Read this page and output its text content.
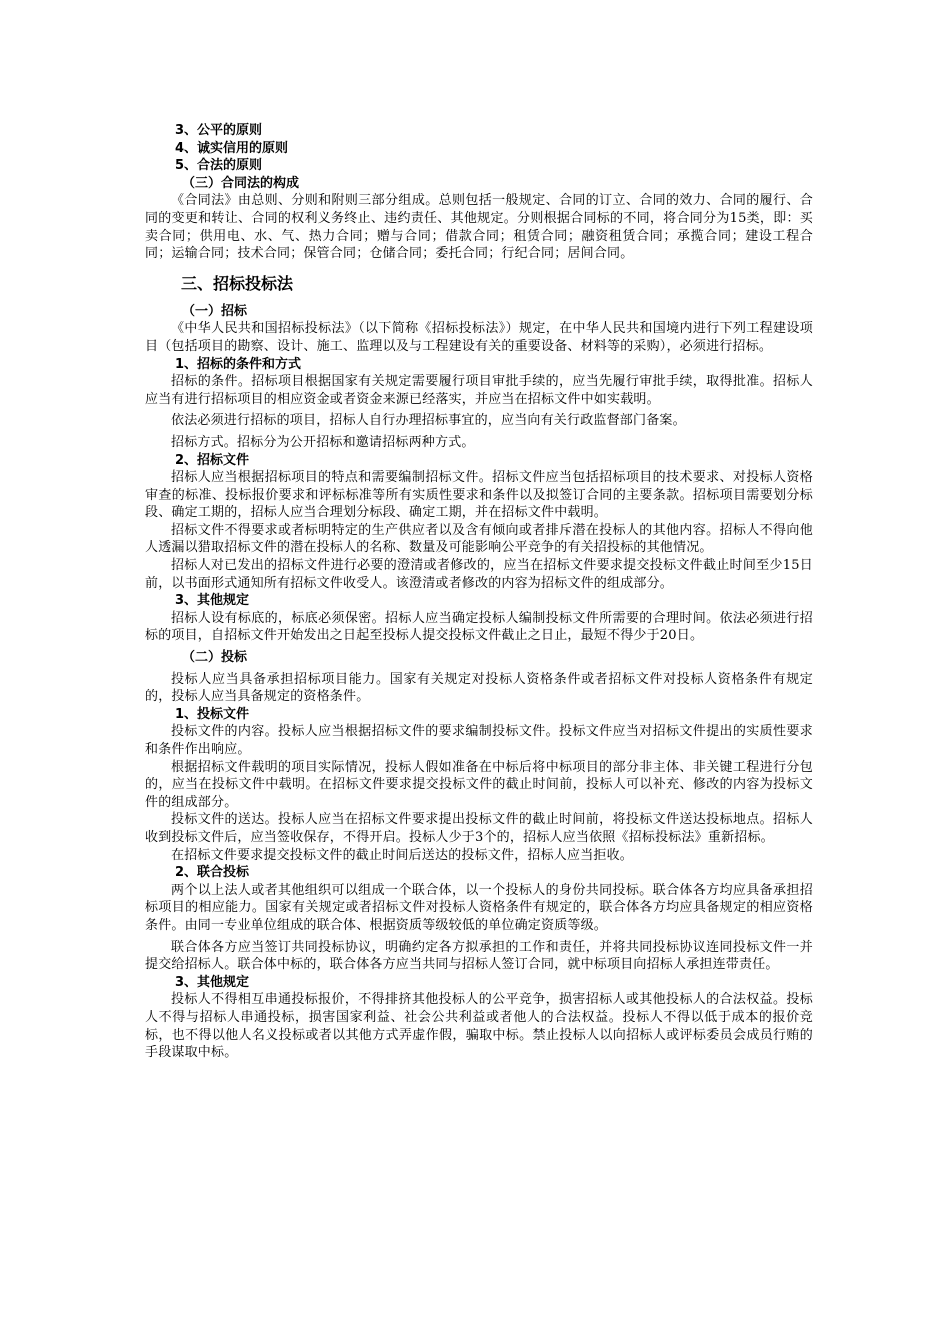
3、公平的原则

4、诚实信用的原则

5、合法的原则

（三）合同法的构成

《合同法》由总则、分则和附则三部分组成。总则包括一般规定、合同的订立、合同的效力、合同的履行、合同的变更和转让、合同的权利义务终止、违约责任、其他规定。分则根据合同标的不同，将合同分为15类，即：买卖合同；供用电、水、气、热力合同；赠与合同；借款合同；租赁合同；融资租赁合同；承揽合同；建设工程合同；运输合同；技术合同；保管合同；仓储合同；委托合同；行纪合同；居间合同。

三、招标投标法

（一）招标

《中华人民共和国招标投标法》（以下简称《招标投标法》）规定，在中华人民共和国境内进行下列工程建设项目（包括项目的勘察、设计、施工、监理以及与工程建设有关的重要设备、材料等的采购），必须进行招标。

1、招标的条件和方式

招标的条件。招标项目根据国家有关规定需要履行项目审批手续的，应当先履行审批手续，取得批准。招标人应当有进行招标项目的相应资金或者资金来源已经落实，并应当在招标文件中如实载明。

依法必须进行招标的项目，招标人自行办理招标事宜的，应当向有关行政监督部门备案。

招标方式。招标分为公开招标和邀请招标两种方式。

2、招标文件

招标人应当根据招标项目的特点和需要编制招标文件。招标文件应当包括招标项目的技术要求、对投标人资格审查的标准、投标报价要求和评标标准等所有实质性要求和条件以及拟签订合同的主要条款。招标项目需要划分标段、确定工期的，招标人应当合理划分标段、确定工期，并在招标文件中载明。

招标文件不得要求或者标明特定的生产供应者以及含有倾向或者排斥潜在投标人的其他内容。招标人不得向他人透漏以猎取招标文件的潜在投标人的名称、数量及可能影响公平竞争的有关招投标的其他情况。

招标人对已发出的招标文件进行必要的澄清或者修改的，应当在招标文件要求提交投标文件截止时间至少15日前，以书面形式通知所有招标文件收受人。该澄清或者修改的内容为招标文件的组成部分。

3、其他规定

招标人设有标底的，标底必须保密。招标人应当确定投标人编制投标文件所需要的合理时间。依法必须进行招标的项目，自招标文件开始发出之日起至投标人提交投标文件截止之日止，最短不得少于20日。

（二）投标

投标人应当具备承担招标项目能力。国家有关规定对投标人资格条件或者招标文件对投标人资格条件有规定的，投标人应当具备规定的资格条件。

1、投标文件

投标文件的内容。投标人应当根据招标文件的要求编制投标文件。投标文件应当对招标文件提出的实质性要求和条件作出响应。

根据招标文件载明的项目实际情况，投标人假如准备在中标后将中标项目的部分非主体、非关键工程进行分包的，应当在投标文件中载明。在招标文件要求提交投标文件的截止时间前，投标人可以补充、修改的内容为投标文件的组成部分。

投标文件的送达。投标人应当在招标文件要求提出投标文件的截止时间前，将投标文件送达投标地点。招标人收到投标文件后，应当签收保存，不得开启。投标人少于3个的，招标人应当依照《招标投标法》重新招标。

在招标文件要求提交投标文件的截止时间后送达的投标文件，招标人应当拒收。

2、联合投标

两个以上法人或者其他组织可以组成一个联合体，以一个投标人的身份共同投标。联合体各方均应具备承担招标项目的相应能力。国家有关规定或者招标文件对投标人资格条件有规定的，联合体各方均应具备规定的相应资格条件。由同一专业单位组成的联合体、根据资质等级较低的单位确定资质等级。

联合体各方应当签订共同投标协议，明确约定各方拟承担的工作和责任，并将共同投标协议连同投标文件一并提交给招标人。联合体中标的，联合体各方应当共同与招标人签订合同，就中标项目向招标人承担连带责任。

3、其他规定

投标人不得相互串通投标报价，不得排挤其他投标人的公平竞争，损害招标人或其他投标人的合法权益。投标人不得与招标人串通投标，损害国家利益、社会公共利益或者他人的合法权益。投标人不得以低于成本的报价竞标，也不得以他人名义投标或者以其他方式弄虚作假，骗取中标。禁止投标人以向招标人或评标委员会成员行贿的手段谋取中标。
